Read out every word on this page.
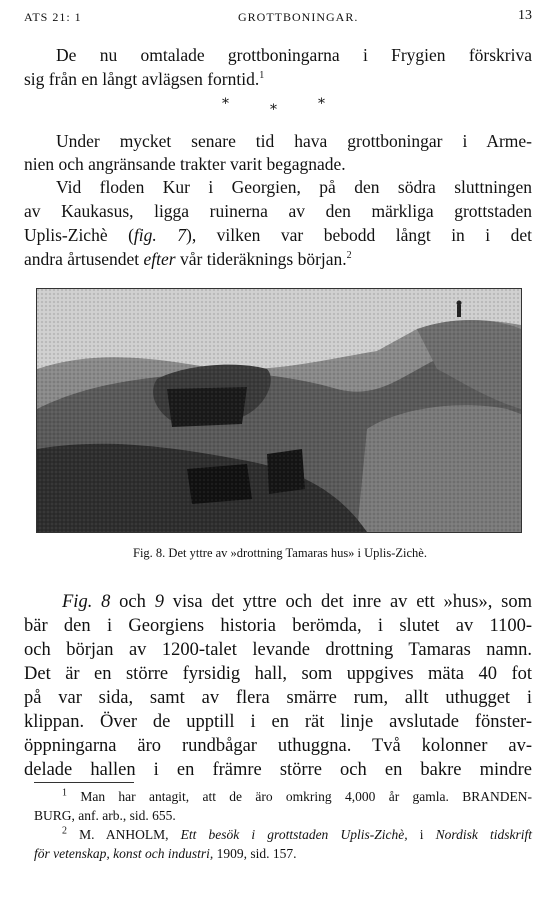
ATS 21: 1	GROTTBONINGAR.	13
De nu omtalade grottboningarna i Frygien förskriva
sig från en långt avlägsen forntid.$^1$
*	*	*
Under mycket senare tid hava grottboningar i Arme-
nien och angränsande trakter varit begagnade.
Vid floden Kur i Georgien, på den södra sluttningen
av Kaukasus, ligga ruinerna av den märkliga grottstaden
Uplis-Zichè (fig. 7), vilken var bebodd långt in i det
andra årtusendet efter vår tideräknings början.$^2$
Fig. 8. Det yttre av »drottning Tamaras hus» i Uplis-Zichè.
Fig. 8 och 9 visa det yttre och det inre av ett »hus», som
bär den i Georgiens historia berömda, i slutet av 1100-
och början av 1200-talet levande drottning Tamaras namn.
Det är en större fyrsidig hall, som uppgives mäta 40 fot
på var sida, samt av flera smärre rum, allt uthugget i
klippan. Över de upptill i en rät linje avslutade fönster-
öppningarna äro rundbågar uthuggna. Två kolonner av-
delade hallen i en främre större och en bakre mindre
$^1$ Man har antagit, att de äro omkring 4,000 år gamla. BRANDEN-
BURG, anf. arb., sid. 655.
$^2$ M. ANHOLM, Ett besök i grottstaden Uplis-Zichè, i Nordisk tidskrift
för vetenskap, konst och industri, 1909, sid. 157.
